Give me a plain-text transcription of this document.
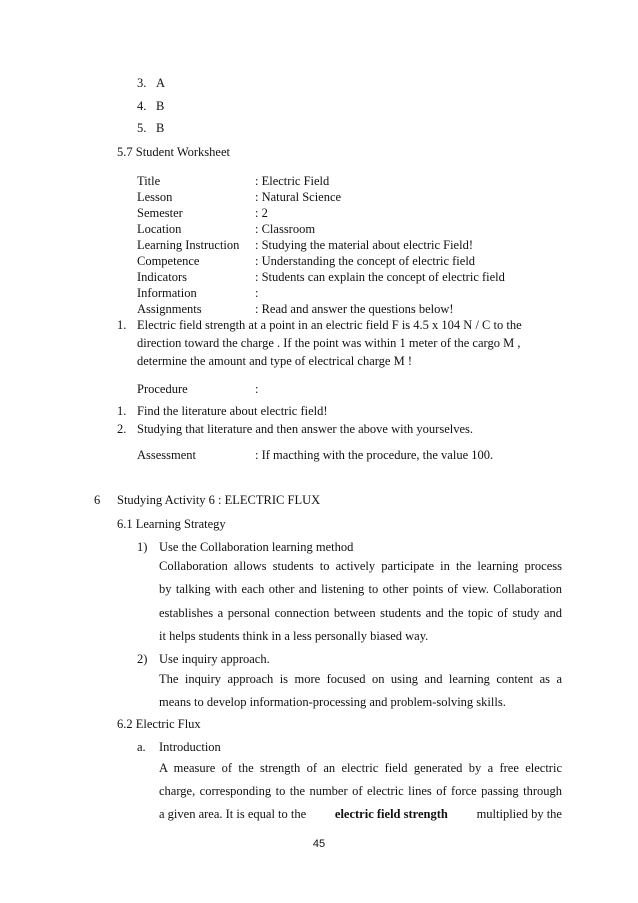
3. A
4. B
5. B
5.7 Student Worksheet
Title	: Electric Field
Lesson	: Natural Science
Semester	: 2
Location	: Classroom
Learning Instruction : Studying the material about electric Field!
Competence	: Understanding the concept of electric field
Indicators	: Students can explain the concept of electric field
Information	:
Assignments	: Read and answer the questions below!
1. Electric field strength at a point in an electric field F is 4.5 x 104 N / C to the
direction toward the charge . If the point was within 1 meter of the cargo M ,
determine the amount and type of electrical charge M !
Procedure	:
1. Find the literature about electric field!
2. Studying that literature and then answer the above with yourselves.
Assessment	: If macthing with the procedure, the value 100.
6 Studying Activity 6 : ELECTRIC FLUX
6.1 Learning Strategy
1) Use the Collaboration learning method
Collaboration allows students to actively participate in the learning process
by talking with each other and listening to other points of view. Collaboration
establishes a personal connection between students and the topic of study and
it helps students think in a less personally biased way.
2) Use inquiry approach.
The inquiry approach is more focused on using and learning content as a
means to develop information-processing and problem-solving skills.
6.2 Electric Flux
a. Introduction
A measure of the strength of an electric field generated by a free electric
charge, corresponding to the number of electric lines of force passing through
a given area. It is equal to the electric field strength multiplied by the
45
